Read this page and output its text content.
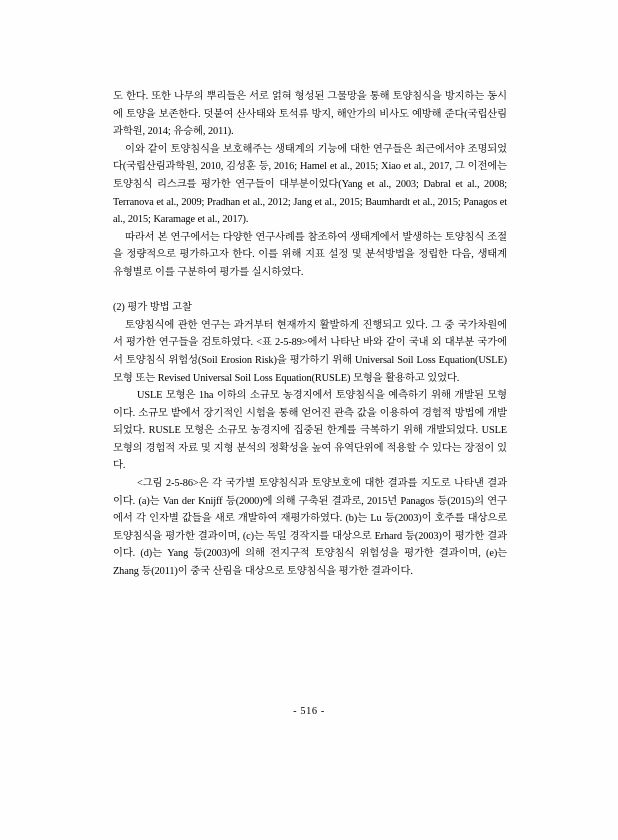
도 한다. 또한 나무의 뿌리들은 서로 얽혀 형성된 그물망을 통해 토양침식을 방지하는 동시에 토양을 보존한다. 덧붙여 산사태와 토석류 방지, 해안가의 비사도 예방해 준다(국립산림과학원, 2014; 유승혜, 2011).

이와 같이 토양침식을 보호해주는 생태계의 기능에 대한 연구들은 최근에서야 조명되었다(국립산림과학원, 2010, 김성훈 등, 2016; Hamel et al., 2015; Xiao et al., 2017, 그 이전에는 토양침식 리스크를 평가한 연구들이 대부분이었다(Yang et al., 2003; Dabral et al., 2008; Terranova et al., 2009; Pradhan et al., 2012; Jang et al., 2015; Baumhardt et al., 2015; Panagos et al., 2015; Karamage et al., 2017).

따라서 본 연구에서는 다양한 연구사례를 참조하여 생태계에서 발생하는 토양침식 조절을 정량적으로 평가하고자 한다. 이를 위해 지표 설정 및 분석방법을 정립한 다음, 생태계 유형별로 이를 구분하여 평가를 실시하였다.

(2) 평가 방법 고찰

토양침식에 관한 연구는 과거부터 현재까지 활발하게 진행되고 있다. 그 중 국가차원에서 평가한 연구들을 검토하였다. <표 2-5-89>에서 나타난 바와 같이 국내 외 대부분 국가에서 토양침식 위험성(Soil Erosion Risk)을 평가하기 위해 Universal Soil Loss Equation(USLE) 모형 또는 Revised Universal Soil Loss Equation(RUSLE) 모형을 활용하고 있었다.

USLE 모형은 1ha 이하의 소규모 농경지에서 토양침식을 예측하기 위해 개발된 모형이다. 소규모 밭에서 장기적인 시험을 통해 얻어진 관측 값을 이용하여 경험적 방법에 개발되었다. RUSLE 모형은 소규모 농경지에 집중된 한계를 극복하기 위해 개발되었다. USLE 모형의 경험적 자료 및 지형 분석의 정확성을 높여 유역단위에 적용할 수 있다는 장점이 있다.

<그림 2-5-86>은 각 국가별 토양침식과 토양보호에 대한 결과를 지도로 나타낸 결과이다. (a)는 Van der Knijff 등(2000)에 의해 구축된 결과로, 2015년 Panagos 등(2015)의 연구에서 각 인자별 값들을 새로 개발하여 재평가하였다. (b)는 Lu 등(2003)이 호주를 대상으로 토양침식을 평가한 결과이며, (c)는 독일 경작지를 대상으로 Erhard 등(2003)이 평가한 결과이다. (d)는 Yang 등(2003)에 의해 전지구적 토양침식 위험성을 평가한 결과이며, (e)는 Zhang 등(2011)이 중국 산림을 대상으로 토양침식을 평가한 결과이다.

- 516 -
